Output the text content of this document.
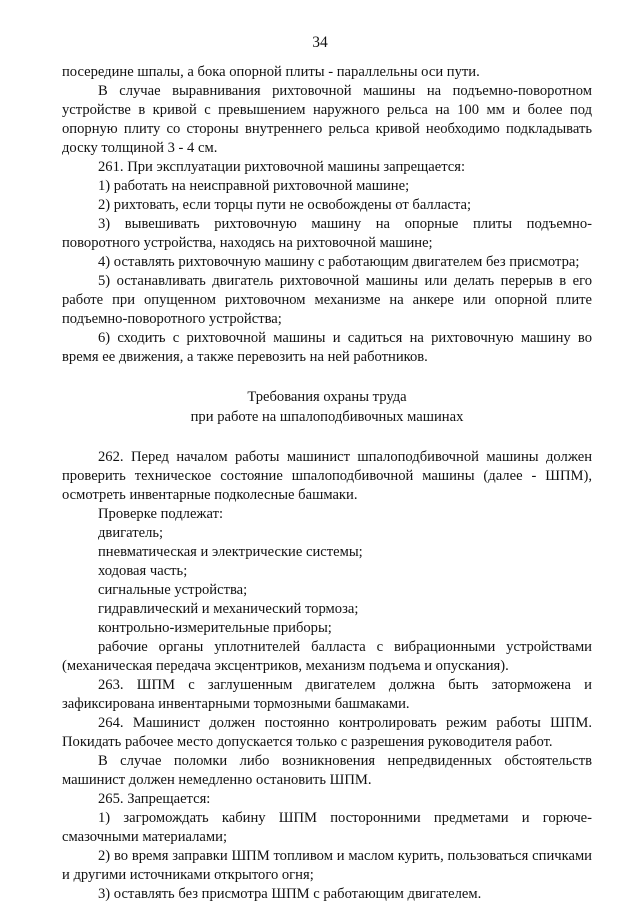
34

посередине шпалы, а бока опорной плиты - параллельны оси пути.

В случае выравнивания рихтовочной машины на подъемно-поворотном устройстве в кривой с превышением наружного рельса на 100 мм и более под опорную плиту со стороны внутреннего рельса кривой необходимо подкладывать доску толщиной 3 - 4 см.

261. При эксплуатации рихтовочной машины запрещается:

1) работать на неисправной рихтовочной машине;

2) рихтовать, если торцы пути не освобождены от балласта;

3) вывешивать рихтовочную машину на опорные плиты подъемно-поворотного устройства, находясь на рихтовочной машине;

4) оставлять рихтовочную машину с работающим двигателем без присмотра;

5) останавливать двигатель рихтовочной машины или делать перерыв в его работе при опущенном рихтовочном механизме на анкере или опорной плите подъемно-поворотного устройства;

6) сходить с рихтовочной машины и садиться на рихтовочную машину во время ее движения, а также перевозить на ней работников.

Требования охраны труда

при работе на шпалоподбивочных машинах

262. Перед началом работы машинист шпалоподбивочной машины должен проверить техническое состояние шпалоподбивочной машины (далее - ШПМ), осмотреть инвентарные подколесные башмаки.

Проверке подлежат:

двигатель;

пневматическая и электрические системы;

ходовая часть;

сигнальные устройства;

гидравлический и механический тормоза;

контрольно-измерительные приборы;

рабочие органы уплотнителей балласта с вибрационными устройствами (механическая передача эксцентриков, механизм подъема и опускания).

263. ШПМ с заглушенным двигателем должна быть заторможена и зафиксирована инвентарными тормозными башмаками.

264. Машинист должен постоянно контролировать режим работы ШПМ. Покидать рабочее место допускается только с разрешения руководителя работ.

В случае поломки либо возникновения непредвиденных обстоятельств машинист должен немедленно остановить ШПМ.

265. Запрещается:

1) загромождать кабину ШПМ посторонними предметами и горюче-смазочными материалами;

2) во время заправки ШПМ топливом и маслом курить, пользоваться спичками и другими источниками открытого огня;

3) оставлять без присмотра ШПМ с работающим двигателем.
